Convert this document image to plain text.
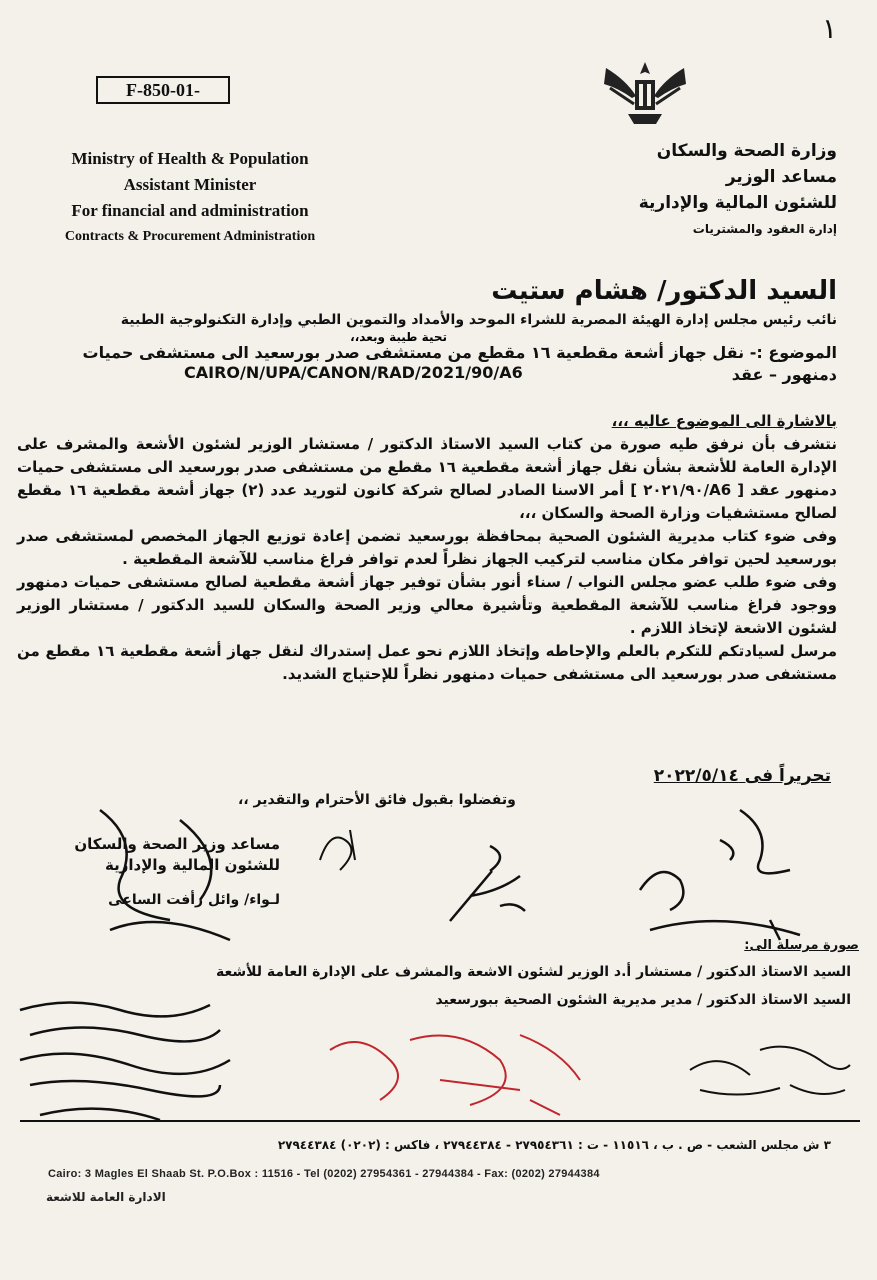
١
F-850-01-
Ministry of Health & Population
Assistant Minister
For financial and administration
Contracts & Procurement Administration
وزارة الصحة والسكان
مساعد الوزير
للشئون المالية والإدارية
إدارة العقود والمشتريات
السيد الدكتور/ هشام ستيت
نائب رئيس مجلس إدارة الهيئة المصرية للشراء الموحد والأمداد والتموين الطبي وإدارة التكنولوجية الطبية
تحية طيبة وبعد،،
الموضوع :- نقل جهاز أشعة مقطعية ١٦ مقطع من مستشفى صدر بورسعيد الى مستشفى حميات دمنهور – عقد
CAIRO/N/UPA/CANON/RAD/2021/90/A6

بالاشارة الى الموضوع عاليه ،،،

نتشرف بأن نرفق طيه صورة من كتاب السيد الاستاذ الدكتور / مستشار الوزير لشئون الأشعة والمشرف على الإدارة العامة للأشعة بشأن نقل جهاز أشعة مقطعية ١٦ مقطع من مستشفى صدر بورسعيد الى مستشفى حميات دمنهور عقد [ A6/٢٠٢١/٩٠ ] أمر الاسنا الصادر لصالح شركة كانون لتوريد عدد (٢) جهاز أشعة مقطعية ١٦ مقطع لصالح مستشفيات وزارة الصحة والسكان ،،،

وفى ضوء كتاب مديرية الشئون الصحية بمحافظة بورسعيد تضمن إعادة توزيع الجهاز المخصص لمستشفى صدر بورسعيد لحين توافر مكان مناسب لتركيب الجهاز نظراً لعدم توافر فراغ مناسب للآشعة المقطعية .

وفى ضوء طلب عضو مجلس النواب / سناء أنور بشأن توفير جهاز أشعة مقطعية لصالح مستشفى حميات دمنهور ووجود فراغ مناسب للآشعة المقطعية وتأشيرة معالي وزير الصحة والسكان للسيد الدكتور / مستشار الوزير لشئون الاشعة لإتخاذ اللازم .

مرسل لسيادتكم للتكرم بالعلم والإحاطه وإتخاذ اللازم نحو عمل إستدراك لنقل جهاز أشعة مقطعية ١٦ مقطع من مستشفى صدر بورسعيد الى مستشفى حميات دمنهور نظراً للإحتياج الشديد.

تحريراً فى ٢٠٢٢/٥/١٤
وتفضلوا بقبول فائق الأحترام والتقدير ،،
مساعد وزير الصحة والسكان
للشئون المالية والإدارية
لـواء/ وائل رأفت الساعى
صورة مرسلة الى:
السيد الاستاذ الدكتور / مستشار أ.د الوزير لشئون الاشعة والمشرف على الإدارة العامة للأشعة
السيد الاستاذ الدكتور / مدير مديرية الشئون الصحية ببورسعيد
٣ ش مجلس الشعب - ص . ب ، ١١٥١٦ - ت : ٢٧٩٥٤٣٦١ - ٢٧٩٤٤٣٨٤ ، فاكس : (٠٢٠٢) ٢٧٩٤٤٣٨٤
Cairo: 3 Magles El Shaab St. P.O.Box : 11516 - Tel (0202) 27954361 - 27944384 - Fax: (0202) 27944384
الادارة العامة للاشعة
